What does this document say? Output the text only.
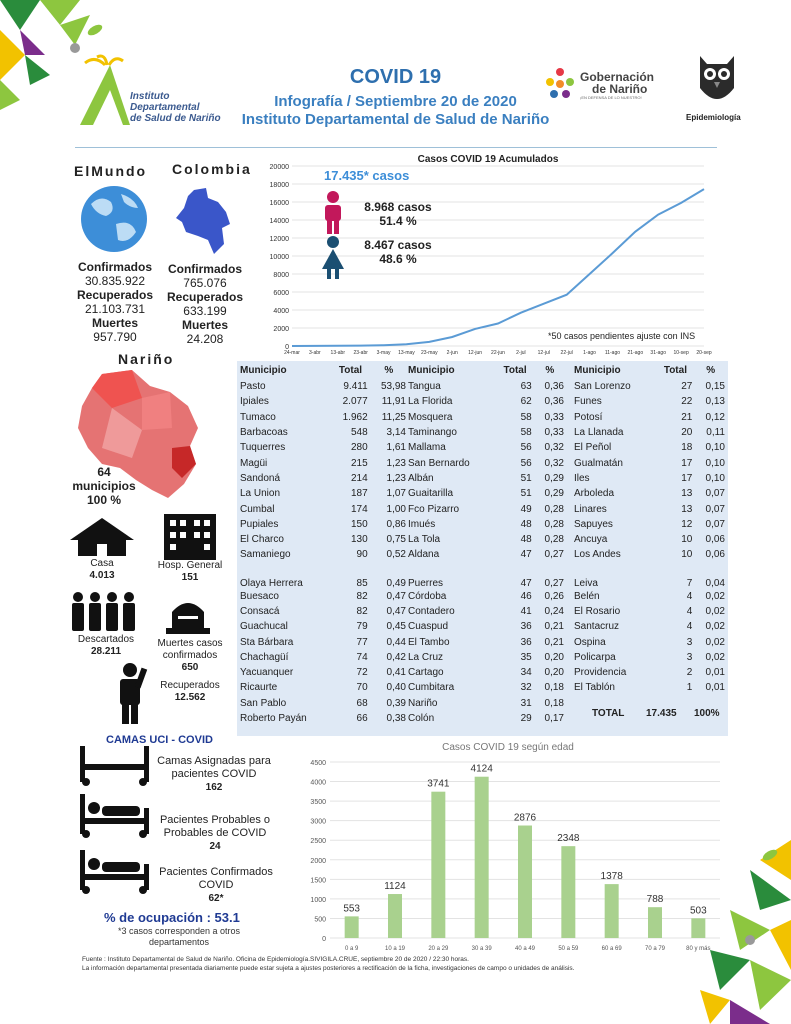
Instituto
Departamental
de Salud de Nariño
COVID 19
Infografía / Septiembre 20 de 2020
Instituto Departamental de Salud de Nariño
Gobernación
de Nariño
¡EN DEFENSA DE LO NUESTRO!
Epidemiología
ElMundo
Confirmados
30.835.922
Recuperados
21.103.731
Muertes
957.790
Colombia
Confirmados
765.076
Recuperados
633.199
Muertes
24.208
Casos COVID 19 Acumulados
0
2000
4000
6000
8000
10000
12000
14000
16000
18000
20000
24-mar 3-abr 13-abr 23-abr 3-may 13-may 23-may 2-jun 12-jun 22-jun 2-jul 12-jul 22-jul 1-ago 11-ago 21-ago 31-ago 10-sep 20-sep
17.435* casos
8.968 casos
51.4 %
8.467 casos
48.6 %
*50 casos pendientes ajuste con INS
Nariño
64
municipios
100 %
Casa
4.013
Hosp. General
151
Descartados
28.211
Muertes casos
confirmados
650
Recuperados
12.562
Municipio	Total	%
Pasto	9.411	53,98
Ipiales	2.077	11,91
Tumaco	1.962	11,25
Barbacoas	548	3,14
Tuquerres	280	1,61
Magüi	215	1,23
Sandoná	214	1,23
La Union	187	1,07
Cumbal	174	1,00
Pupiales	150	0,86
El Charco	130	0,75
Samaniego	90	0,52
Olaya Herrera	85	0,49
Buesaco	82	0,47
Consacá	82	0,47
Guachucal	79	0,45
Sta Bárbara	77	0,44
Chachagüí	74	0,42
Yacuanquer	72	0,41
Ricaurte	70	0,40
San Pablo	68	0,39
Roberto Payán	66	0,38
Municipio	Total	%
Tangua	63	0,36
La Florida	62	0,36
Mosquera	58	0,33
Taminango	58	0,33
Mallama	56	0,32
San Bernardo	56	0,32
Albán	51	0,29
Guaitarilla	51	0,29
Fco Pizarro	49	0,28
Imués	48	0,28
La Tola	48	0,28
Aldana	47	0,27
Puerres	47	0,27
Córdoba	46	0,26
Contadero	41	0,24
Cuaspud	36	0,21
El Tambo	36	0,21
La Cruz	35	0,20
Cartago	34	0,20
Cumbitara	32	0,18
Nariño	31	0,18
Colón	29	0,17
Municipio	Total	%
San Lorenzo	27	0,15
Funes	22	0,13
Potosí	21	0,12
La Llanada	20	0,11
El Peñol	18	0,10
Gualmatán	17	0,10
Iles	17	0,10
Arboleda	13	0,07
Linares	13	0,07
Sapuyes	12	0,07
Ancuya	10	0,06
Los Andes	10	0,06
Leiva	7	0,04
Belén	4	0,02
El Rosario	4	0,02
Santacruz	4	0,02
Ospina	3	0,02
Policarpa	3	0,02
Providencia	2	0,01
El Tablón	1	0,01
TOTAL 17.435 100%
CAMAS UCI - COVID
Camas Asignadas para
pacientes COVID
162
Pacientes Probables o
Probables de COVID
24
Pacientes Confirmados
COVID
62*
% de ocupación : 53.1
*3 casos corresponden a otros
departamentos
Casos COVID 19 según edad
0
500
1000
1500
2000
2500
3000
3500
4000
4500
0 a 9	10 a 19	20 a 29	30 a 39	40 a 49	50 a 59	60 a 69	70 a 79	80 y más
553
1124
3741
4124
2876
2348
1378
788
503
Fuente : Instituto Departamental de Salud de Nariño. Oficina de Epidemiología.SIVIGILA.CRUE, septiembre 20 de 2020 / 22:30 horas.
La información departamental presentada diariamente puede estar sujeta a ajustes posteriores a rectificación de la ficha, investigaciones de campo o unidades de análisis.
